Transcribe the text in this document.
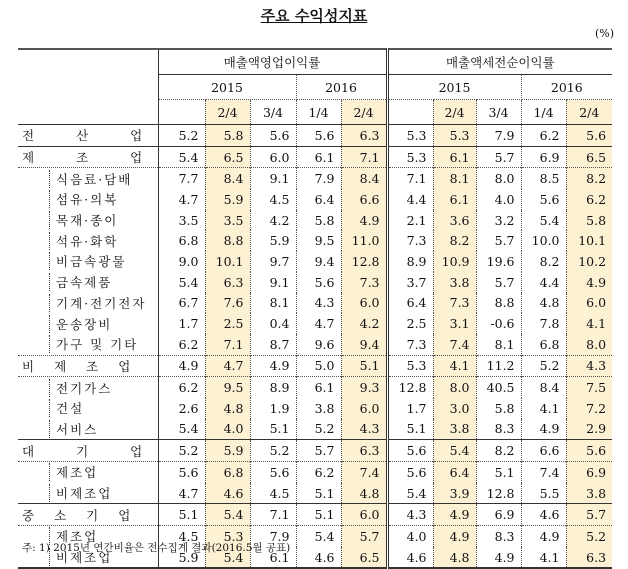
주요 수익성지표
(%)
	매출액영업이익률					매출액세전순이익률				
	2015			2016		2015			2016	
		2/4	3/4	1/4	2/4		2/4	3/4	1/4	2/4
전산업	5.2	5.8	5.6	5.6	6.3	5.3	5.3	7.9	6.2	5.6
제조업	5.4	6.5	6.0	6.1	7.1	5.3	6.1	5.7	6.9	6.5

식음료·담배	7.7	8.4	9.1	7.9	8.4	7.1	8.1	8.0	8.5	8.2

섬유·의복	4.7	5.9	4.5	6.4	6.6	4.4	6.1	4.0	5.6	6.2

목재·종이	3.5	3.5	4.2	5.8	4.9	2.1	3.6	3.2	5.4	5.8

석유·화학	6.8	8.8	5.9	9.5	11.0	7.3	8.2	5.7	10.0	10.1

비금속광물	9.0	10.1	9.7	9.4	12.8	8.9	10.9	19.6	8.2	10.2

금속제품	5.4	6.3	9.1	5.6	7.3	3.7	3.8	5.7	4.4	4.9

기계·전기전자	6.7	7.6	8.1	4.3	6.0	6.4	7.3	8.8	4.8	6.0

운송장비	1.7	2.5	0.4	4.7	4.2	2.5	3.1	-0.6	7.8	4.1

가구 및 기타	6.2	7.1	8.7	9.6	9.4	7.3	7.4	8.1	6.8	8.0
비제조업	4.9	4.7	4.9	5.0	5.1	5.3	4.1	11.2	5.2	4.3

전기가스	6.2	9.5	8.9	6.1	9.3	12.8	8.0	40.5	8.4	7.5

건설	2.6	4.8	1.9	3.8	6.0	1.7	3.0	5.8	4.1	7.2

서비스	5.4	4.0	5.1	5.2	4.3	5.1	3.8	8.3	4.9	2.9
대기업	5.2	5.9	5.2	5.7	6.3	5.6	5.4	8.2	6.6	5.6

제조업	5.6	6.8	5.6	6.2	7.4	5.6	6.4	5.1	7.4	6.9

비제조업	4.7	4.6	4.5	5.1	4.8	5.4	3.9	12.8	5.5	3.8
중소기업	5.1	5.4	7.1	5.1	6.0	4.3	4.9	6.9	4.6	5.7

제조업	4.5	5.3	7.9	5.4	5.7	4.0	4.9	8.3	4.9	5.2

비제조업	5.9	5.4	6.1	4.6	6.5	4.6	4.8	4.9	4.1	6.3
주: 1) 2015년 연간비율은 전수집계 결과(2016.5월 공표)
